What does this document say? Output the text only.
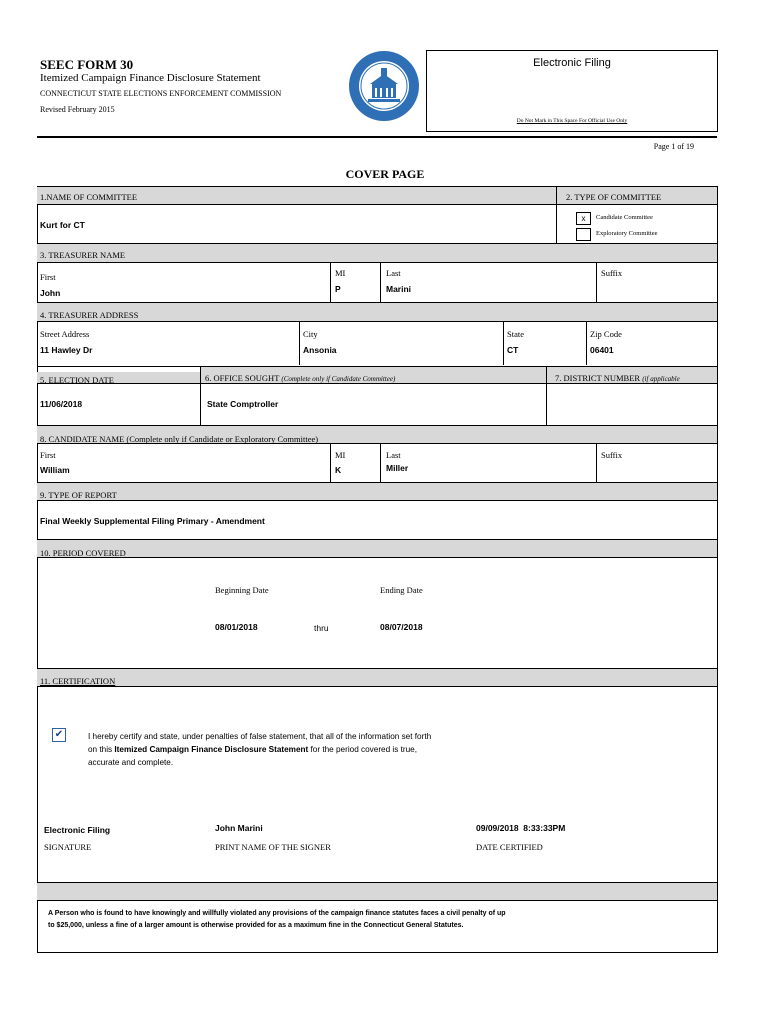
SEEC FORM 30
Itemized Campaign Finance Disclosure Statement
CONNECTICUT STATE ELECTIONS ENFORCEMENT COMMISSION
Revised February 2015
Electronic Filing
Do Not Mark in This Space For Official Use Only
Page 1 of 19
COVER PAGE
1.NAME OF COMMITTEE	2. TYPE OF COMMITTEE
Kurt for CT
x	Candidate Committee
Exploratory Committee
3. TREASURER NAME
First	MI	Last	Suffix
John	P	Marini
4. TREASURER ADDRESS
Street Address	City	State	Zip Code
11 Hawley Dr	Ansonia	CT	06401
5. ELECTION DATE	6. OFFICE SOUGHT (Complete only if Candidate Committee)	7. DISTRICT NUMBER (if applicable
11/06/2018	State Comptroller
8. CANDIDATE NAME (Complete only if Candidate or Exploratory Committee)
First	MI	Last	Suffix
William	K	Miller
9. TYPE OF REPORT
Final Weekly Supplemental Filing Primary - Amendment
10. PERIOD COVERED
Beginning Date	Ending Date
08/01/2018	thru	08/07/2018
11. CERTIFICATION
✔	I hereby certify and state, under penalties of false statement, that all of the information set forth
on this Itemized Campaign Finance Disclosure Statement for the period covered is true,
accurate and complete.
Electronic Filing	John Marini	09/09/2018  8:33:33PM
SIGNATURE	PRINT NAME OF THE SIGNER	DATE CERTIFIED
A Person who is found to have knowingly and willfully violated any provisions of the campaign finance statutes faces a civil penalty of up
to $25,000, unless a fine of a larger amount is otherwise provided for as a maximum fine in the Connecticut General Statutes.
